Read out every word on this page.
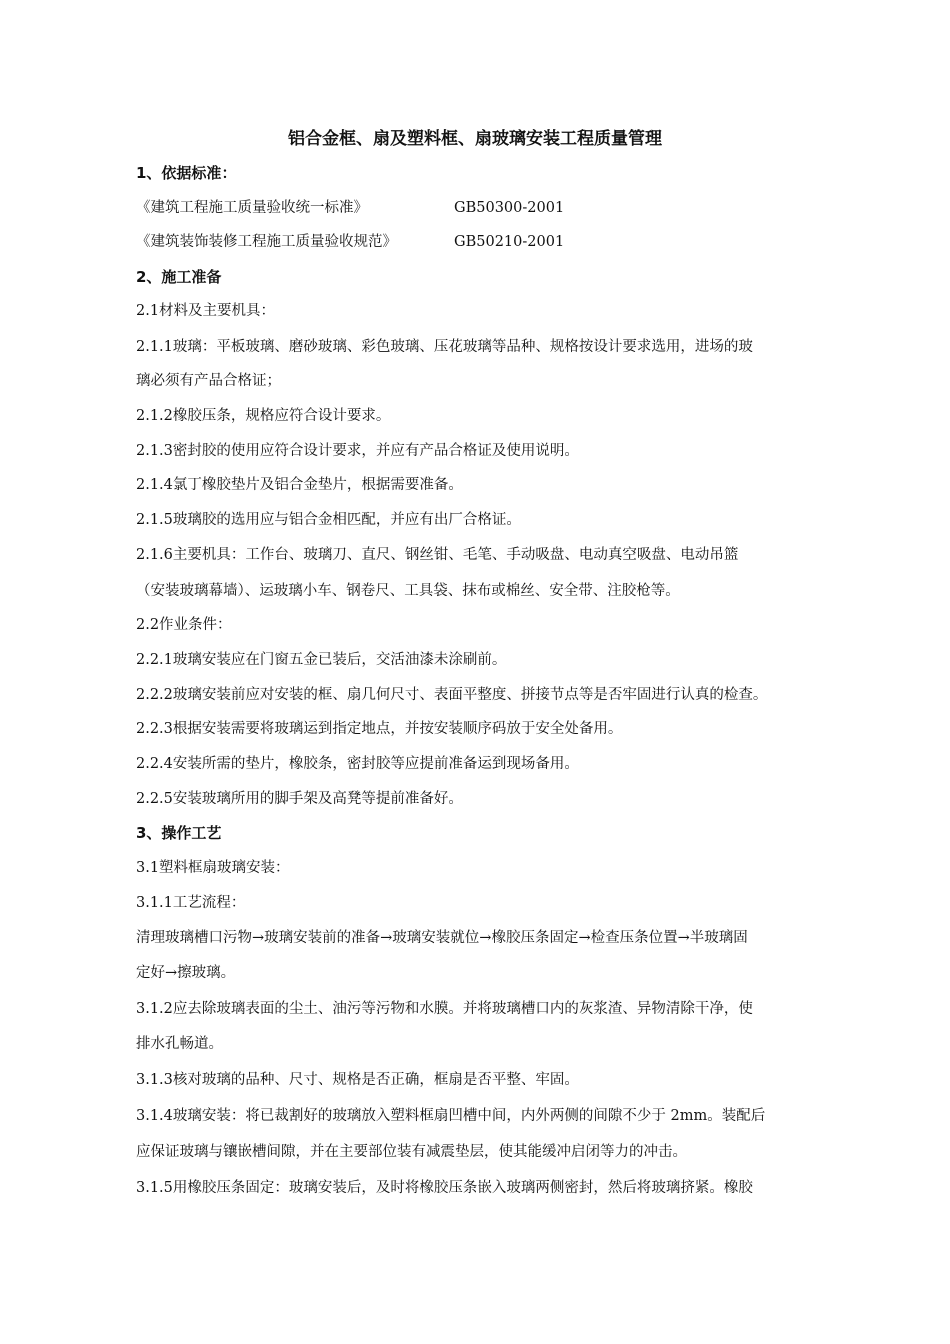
铝合金框、扇及塑料框、扇玻璃安装工程质量管理
1、依据标准：
《建筑工程施工质量验收统一标准》	GB50300-2001
《建筑装饰装修工程施工质量验收规范》	GB50210-2001
2、施工准备
2.1材料及主要机具：
2.1.1玻璃：平板玻璃、磨砂玻璃、彩色玻璃、压花玻璃等品种、规格按设计要求选用，进场的玻
璃必须有产品合格证；
2.1.2橡胶压条，规格应符合设计要求。
2.1.3密封胶的使用应符合设计要求，并应有产品合格证及使用说明。
2.1.4氯丁橡胶垫片及铝合金垫片，根据需要准备。
2.1.5玻璃胶的选用应与铝合金相匹配，并应有出厂合格证。
2.1.6主要机具：工作台、玻璃刀、直尺、钢丝钳、毛笔、手动吸盘、电动真空吸盘、电动吊篮
（安装玻璃幕墙）、运玻璃小车、钢卷尺、工具袋、抹布或棉丝、安全带、注胶枪等。
2.2作业条件：
2.2.1玻璃安装应在门窗五金已装后，交活油漆未涂刷前。
2.2.2玻璃安装前应对安装的框、扇几何尺寸、表面平整度、拼接节点等是否牢固进行认真的检查。
2.2.3根据安装需要将玻璃运到指定地点，并按安装顺序码放于安全处备用。
2.2.4安装所需的垫片，橡胶条，密封胶等应提前准备运到现场备用。
2.2.5安装玻璃所用的脚手架及高凳等提前准备好。
3、操作工艺
3.1塑料框扇玻璃安装：
3.1.1工艺流程：
清理玻璃槽口污物→玻璃安装前的准备→玻璃安装就位→橡胶压条固定→检查压条位置→半玻璃固
定好→擦玻璃。
3.1.2应去除玻璃表面的尘土、油污等污物和水膜。并将玻璃槽口内的灰浆渣、异物清除干净，使
排水孔畅道。
3.1.3核对玻璃的品种、尺寸、规格是否正确，框扇是否平整、牢固。
3.1.4玻璃安装：将已裁割好的玻璃放入塑料框扇凹槽中间，内外两侧的间隙不少于 2mm。装配后
应保证玻璃与镶嵌槽间隙，并在主要部位装有减震垫层，使其能缓冲启闭等力的冲击。
3.1.5用橡胶压条固定：玻璃安装后，及时将橡胶压条嵌入玻璃两侧密封，然后将玻璃挤紧。橡胶
